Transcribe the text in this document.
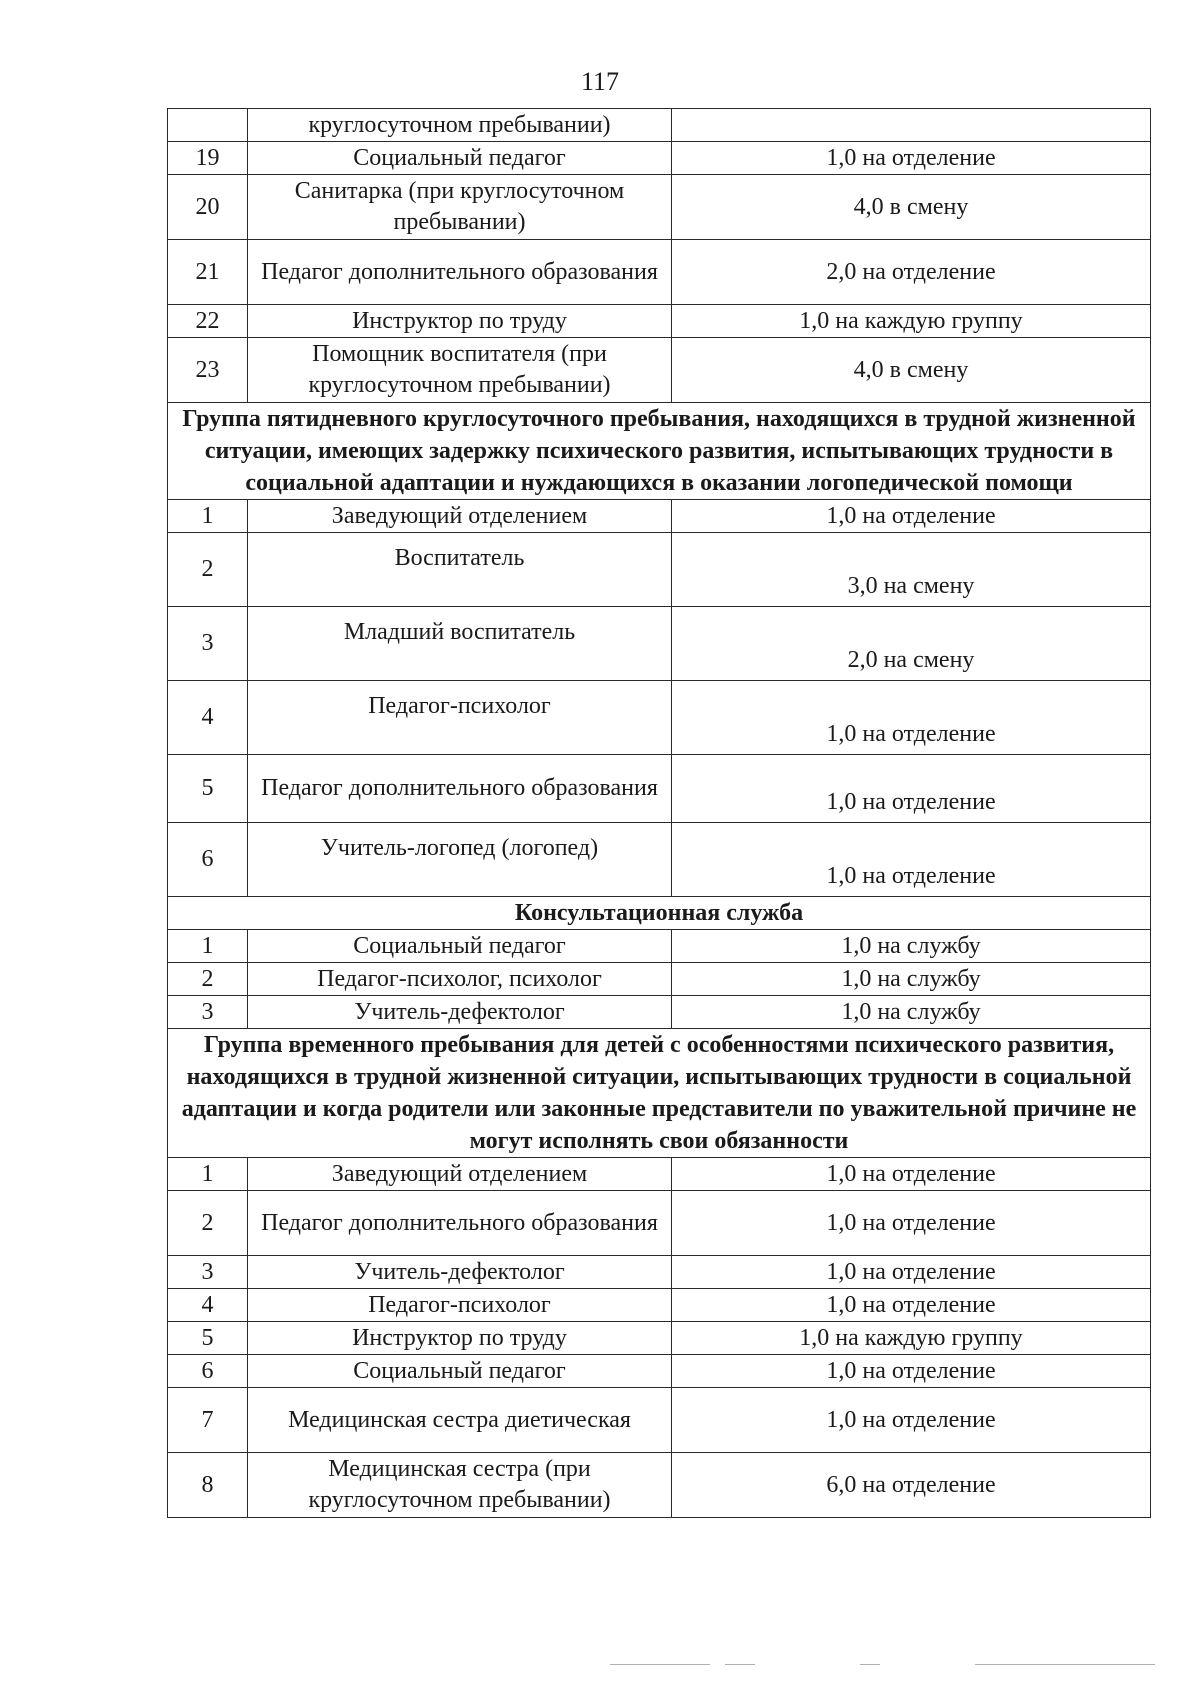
117
	круглосуточном пребывании)	
19	Социальный педагог	1,0 на отделение
20	Санитарка (при круглосуточном пребывании)	4,0 в смену
21	Педагог дополнительного образования	2,0 на отделение
22	Инструктор по труду	1,0 на каждую группу
23	Помощник воспитателя (при круглосуточном пребывании)	4,0 в смену
Группа пятидневного круглосуточного пребывания, находящихся в трудной жизненной ситуации, имеющих задержку психического развития, испытывающих трудности в социальной адаптации и нуждающихся в оказании логопедической помощи		
1	Заведующий отделением	1,0 на отделение
2	Воспитатель	3,0 на смену
3	Младший воспитатель	2,0 на смену
4	Педагог-психолог	1,0 на отделение
5	Педагог дополнительного образования	1,0 на отделение
6	Учитель-логопед (логопед)	1,0 на отделение
Консультационная служба		
1	Социальный педагог	1,0 на службу
2	Педагог-психолог, психолог	1,0 на службу
3	Учитель-дефектолог	1,0 на службу
Группа временного пребывания для детей с особенностями психического развития, находящихся в трудной жизненной ситуации, испытывающих трудности в социальной адаптации и когда родители или законные представители по уважительной причине не могут исполнять свои обязанности		
1	Заведующий отделением	1,0 на отделение
2	Педагог дополнительного образования	1,0 на отделение
3	Учитель-дефектолог	1,0 на отделение
4	Педагог-психолог	1,0 на отделение
5	Инструктор по труду	1,0 на каждую группу
6	Социальный педагог	1,0 на отделение
7	Медицинская сестра диетическая	1,0 на отделение
8	Медицинская сестра (при круглосуточном пребывании)	6,0 на отделение
